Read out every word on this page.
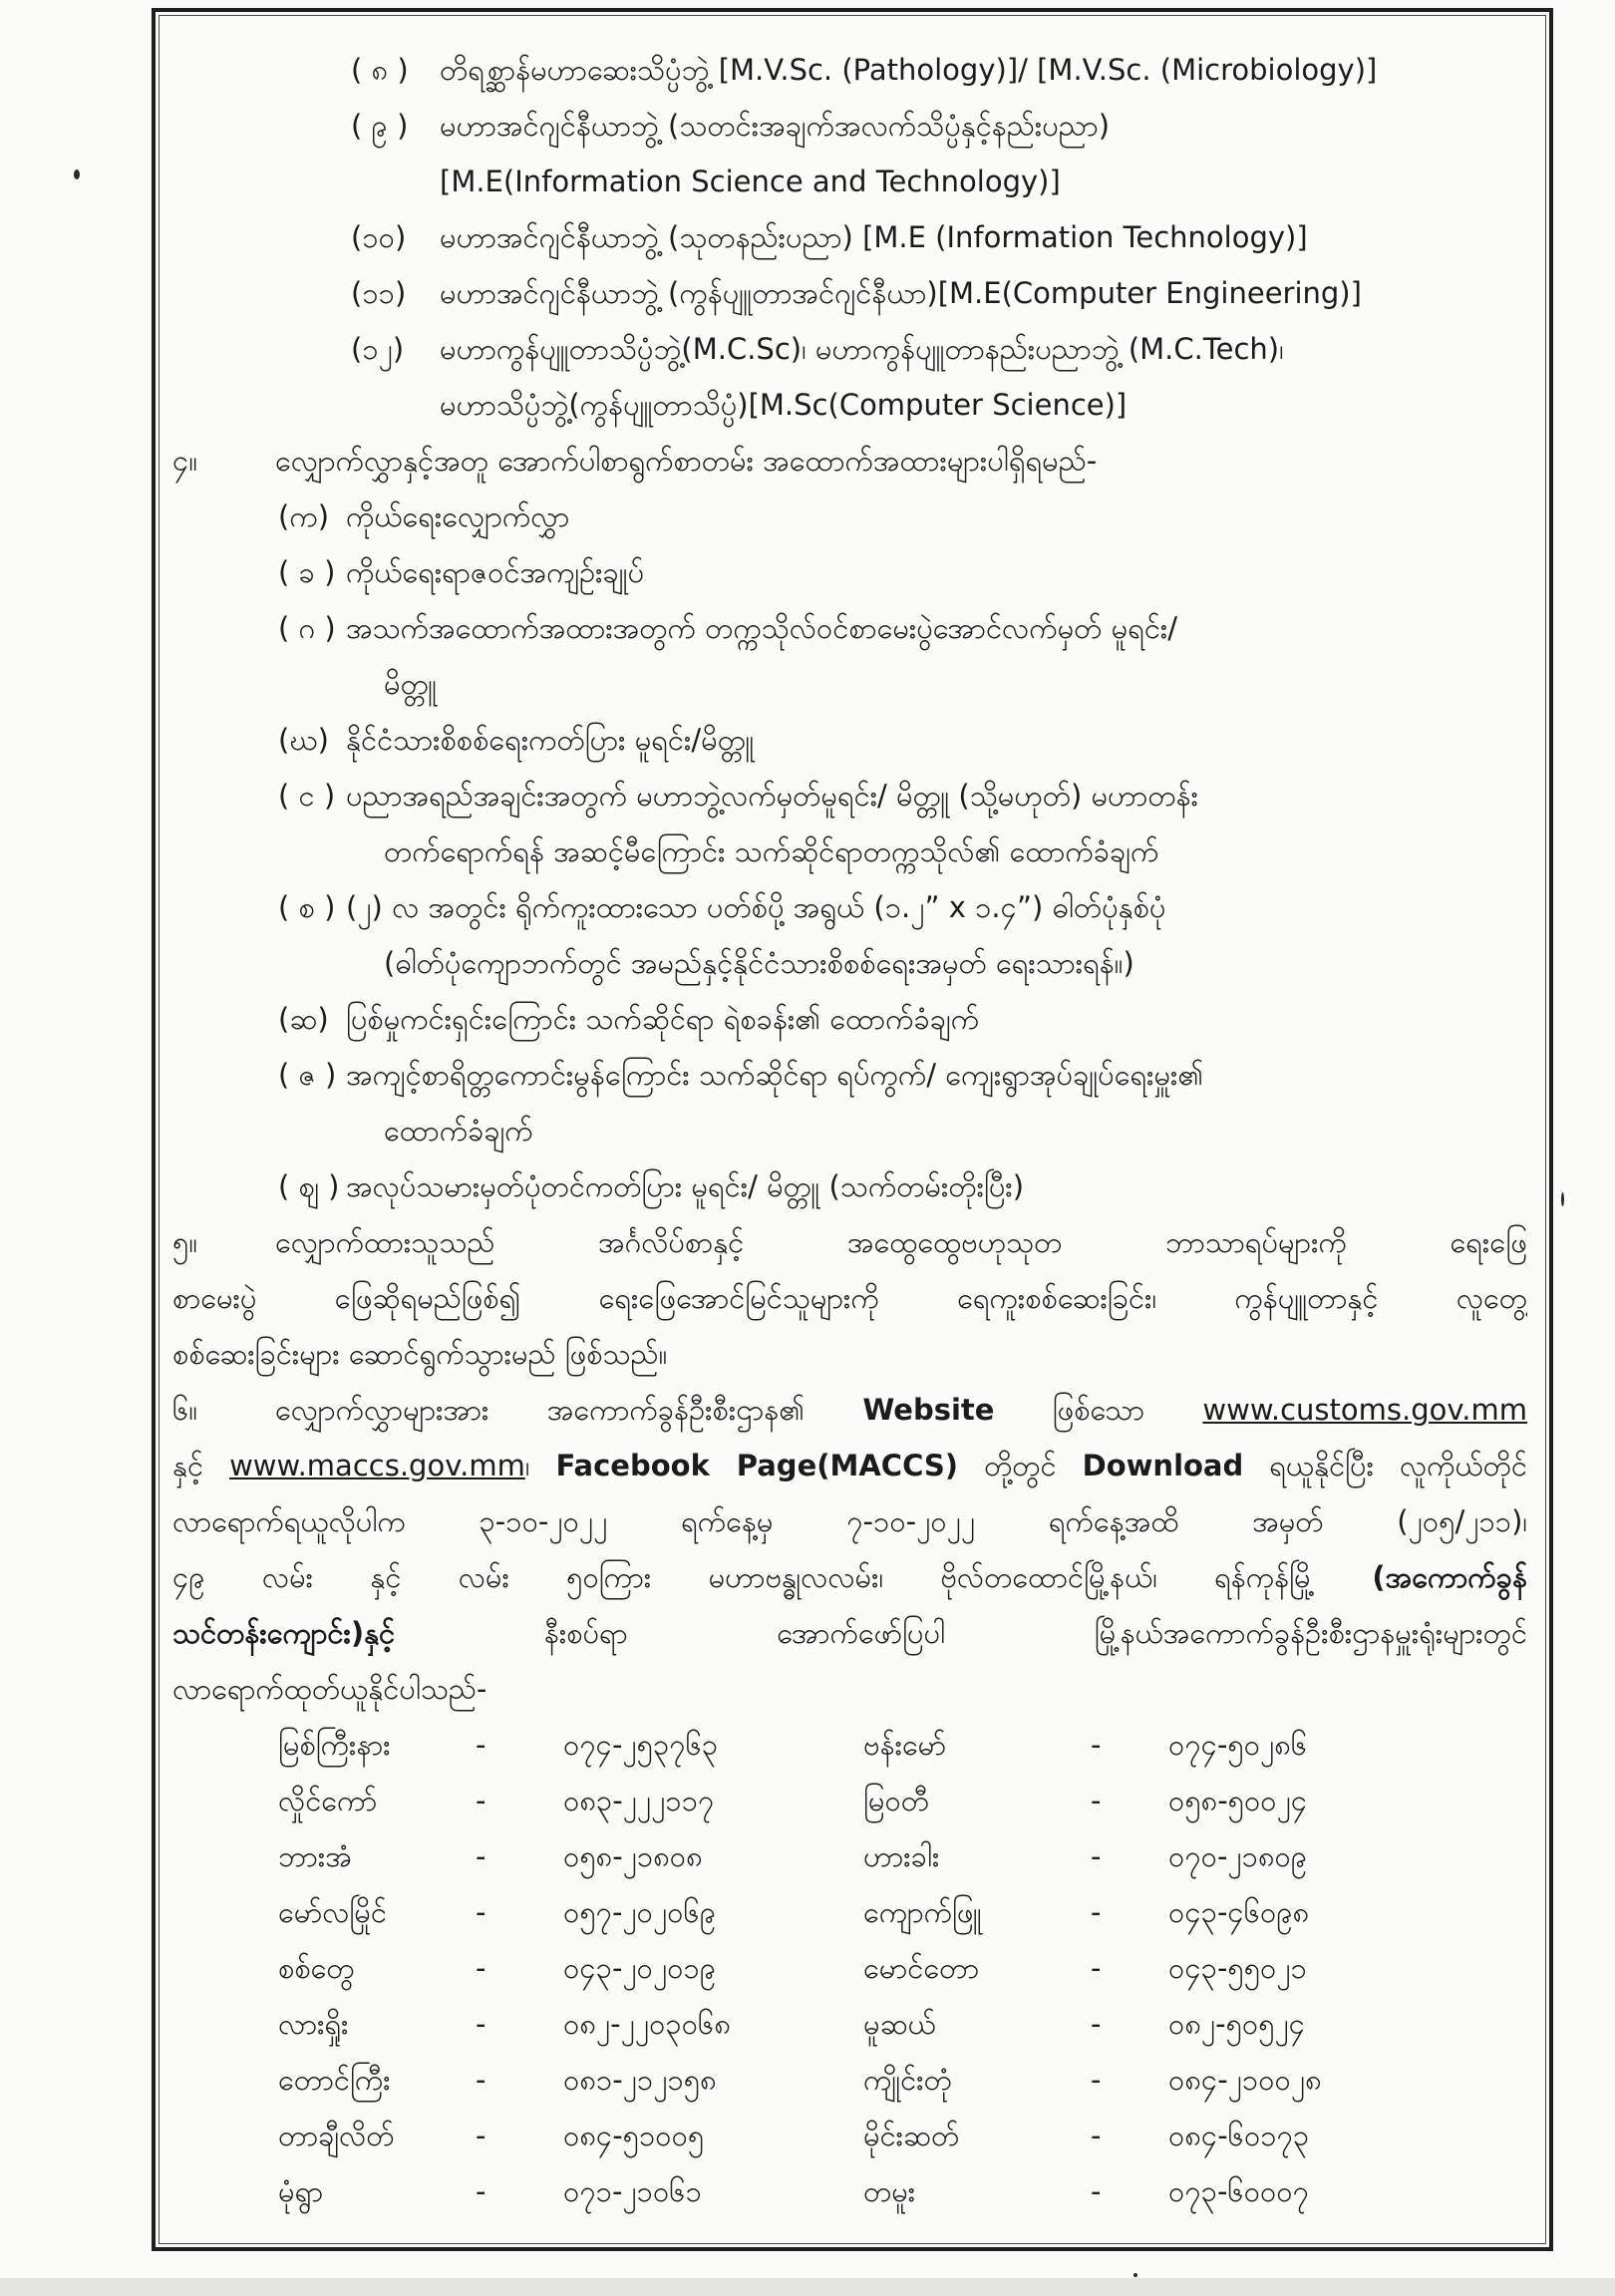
( ၈ )	တိရစ္ဆာန်မဟာဆေးသိပ္ပံဘွဲ့ [M.V.Sc. (Pathology)]/ [M.V.Sc. (Microbiology)]
( ၉ )	မဟာအင်ဂျင်နီယာဘွဲ့ (သတင်းအချက်အလက်သိပ္ပံနှင့်နည်းပညာ)
[M.E(Information Science and Technology)]
(၁၀)	မဟာအင်ဂျင်နီယာဘွဲ့ (သုတနည်းပညာ) [M.E (Information Technology)]
(၁၁)	မဟာအင်ဂျင်နီယာဘွဲ့ (ကွန်ပျူတာအင်ဂျင်နီယာ)[M.E(Computer Engineering)]
(၁၂)	မဟာကွန်ပျူတာသိပ္ပံဘွဲ့(M.C.Sc)၊ မဟာကွန်ပျူတာနည်းပညာဘွဲ့ (M.C.Tech)၊
မဟာသိပ္ပံဘွဲ့(ကွန်ပျူတာသိပ္ပံ)[M.Sc(Computer Science)]
၄။	လျှောက်လွှာနှင့်အတူ အောက်ပါစာရွက်စာတမ်း အထောက်အထားများပါရှိရမည်-
(က) ကိုယ်ရေးလျှောက်လွှာ
( ခ ) ကိုယ်ရေးရာဇဝင်အကျဉ်းချုပ်
( ဂ ) အသက်အထောက်အထားအတွက် တက္ကသိုလ်ဝင်စာမေးပွဲအောင်လက်မှတ် မူရင်း/
မိတ္တူ
(ဃ) နိုင်ငံသားစိစစ်ရေးကတ်ပြား မူရင်း/မိတ္တူ
( င ) ပညာအရည်အချင်းအတွက် မဟာဘွဲ့လက်မှတ်မူရင်း/ မိတ္တူ (သို့မဟုတ်) မဟာတန်း
တက်ရောက်ရန် အဆင့်မီကြောင်း သက်ဆိုင်ရာတက္ကသိုလ်၏ ထောက်ခံချက်
( စ ) (၂) လ အတွင်း ရိုက်ကူးထားသော ပတ်စ်ပို့ အရွယ် (၁.၂” x ၁.၄”) ဓါတ်ပုံနှစ်ပုံ
(ဓါတ်ပုံကျောဘက်တွင် အမည်နှင့်နိုင်ငံသားစိစစ်ရေးအမှတ် ရေးသားရန်။)
(ဆ) ပြစ်မှုကင်းရှင်းကြောင်း သက်ဆိုင်ရာ ရဲစခန်း၏ ထောက်ခံချက်
( ဇ ) အကျင့်စာရိတ္တကောင်းမွန်ကြောင်း သက်ဆိုင်ရာ ရပ်ကွက်/ ကျေးရွာအုပ်ချုပ်ရေးမှူး၏
ထောက်ခံချက်
( ဈ ) အလုပ်သမားမှတ်ပုံတင်ကတ်ပြား မူရင်း/ မိတ္တူ (သက်တမ်းတိုးပြီး)
၅။	လျှောက်ထားသူသည် အင်္ဂလိပ်စာနှင့် အထွေထွေဗဟုသုတ ဘာသာရပ်များကို ရေးဖြေ
စာမေးပွဲ ဖြေဆိုရမည်ဖြစ်၍ ရေးဖြေအောင်မြင်သူများကို ရေကူးစစ်ဆေးခြင်း၊ ကွန်ပျူတာနှင့် လူတွေ့
စစ်ဆေးခြင်းများ ဆောင်ရွက်သွားမည် ဖြစ်သည်။
၆။	လျှောက်လွှာများအား အကောက်ခွန်ဦးစီးဌာန၏ Website ဖြစ်သော www.customs.gov.mm
နှင့် www.maccs.gov.mm၊ Facebook Page(MACCS) တို့တွင် Download ရယူနိုင်ပြီး လူကိုယ်တိုင်
လာရောက်ရယူလိုပါက ၃-၁၀-၂၀၂၂ ရက်နေ့မှ ၇-၁၀-၂၀၂၂ ရက်နေ့အထိ အမှတ် (၂၀၅/၂၁၁)၊
၄၉ လမ်း နှင့် လမ်း ၅၀ကြား မဟာဗန္ဓုလလမ်း၊ ဗိုလ်တထောင်မြို့နယ်၊ ရန်ကုန်မြို့ (အကောက်ခွန်
သင်တန်းကျောင်း)နှင့် နီးစပ်ရာ အောက်ဖော်ပြပါ မြို့နယ်အကောက်ခွန်ဦးစီးဌာနမှူးရုံးများတွင်
လာရောက်ထုတ်ယူနိုင်ပါသည်-
မြစ်ကြီးနား	-	၀၇၄-၂၅၃၇၆၃	ဗန်းမော်	-	၀၇၄-၅၀၂၈၆
လှိုင်ကော်	-	၀၈၃-၂၂၂၁၁၇	မြဝတီ	-	၀၅၈-၅၀၀၂၄
ဘားအံ	-	၀၅၈-၂၁၈၀၈	ဟားခါး	-	၀၇၀-၂၁၈၀၉
မော်လမြိုင်	-	၀၅၇-၂၀၂၀၆၉	ကျောက်ဖြူ	-	၀၄၃-၄၆၀၉၈
စစ်တွေ	-	၀၄၃-၂၀၂၀၁၉	မောင်တော	-	၀၄၃-၅၅၀၂၁
လားရှိုး	-	၀၈၂-၂၂၀၃၀၆၈	မူဆယ်	-	၀၈၂-၅၀၅၂၄
တောင်ကြီး	-	၀၈၁-၂၁၂၁၅၈	ကျိုင်းတုံ	-	၀၈၄-၂၁၀၀၂၈
တာချီလိတ်	-	၀၈၄-၅၁၀၀၅	မိုင်းဆတ်	-	၀၈၄-၆၀၁၇၃
မုံရွာ	-	၀၇၁-၂၁၀၆၁	တမူး	-	၀၇၃-၆၀၀၀၇
